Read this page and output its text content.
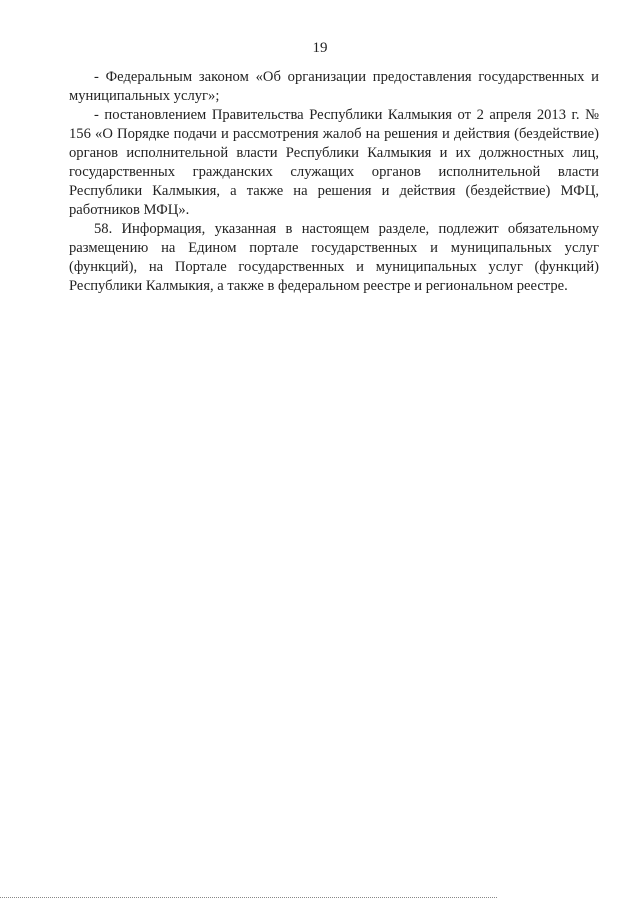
19

- Федеральным законом «Об организации предоставления государственных и муниципальных услуг»;

- постановлением Правительства Республики Калмыкия от 2 апреля 2013 г. № 156 «О Порядке подачи и рассмотрения жалоб на решения и действия (бездействие) органов исполнительной власти Республики Калмыкия и их должностных лиц, государственных гражданских служащих органов исполнительной власти Республики Калмыкия, а также на решения и действия (бездействие) МФЦ, работников МФЦ».

58. Информация, указанная в настоящем разделе, подлежит обязательному размещению на Едином портале государственных и муниципальных услуг (функций), на Портале государственных и муниципальных услуг (функций) Республики Калмыкия, а также в федеральном реестре и региональном реестре.
